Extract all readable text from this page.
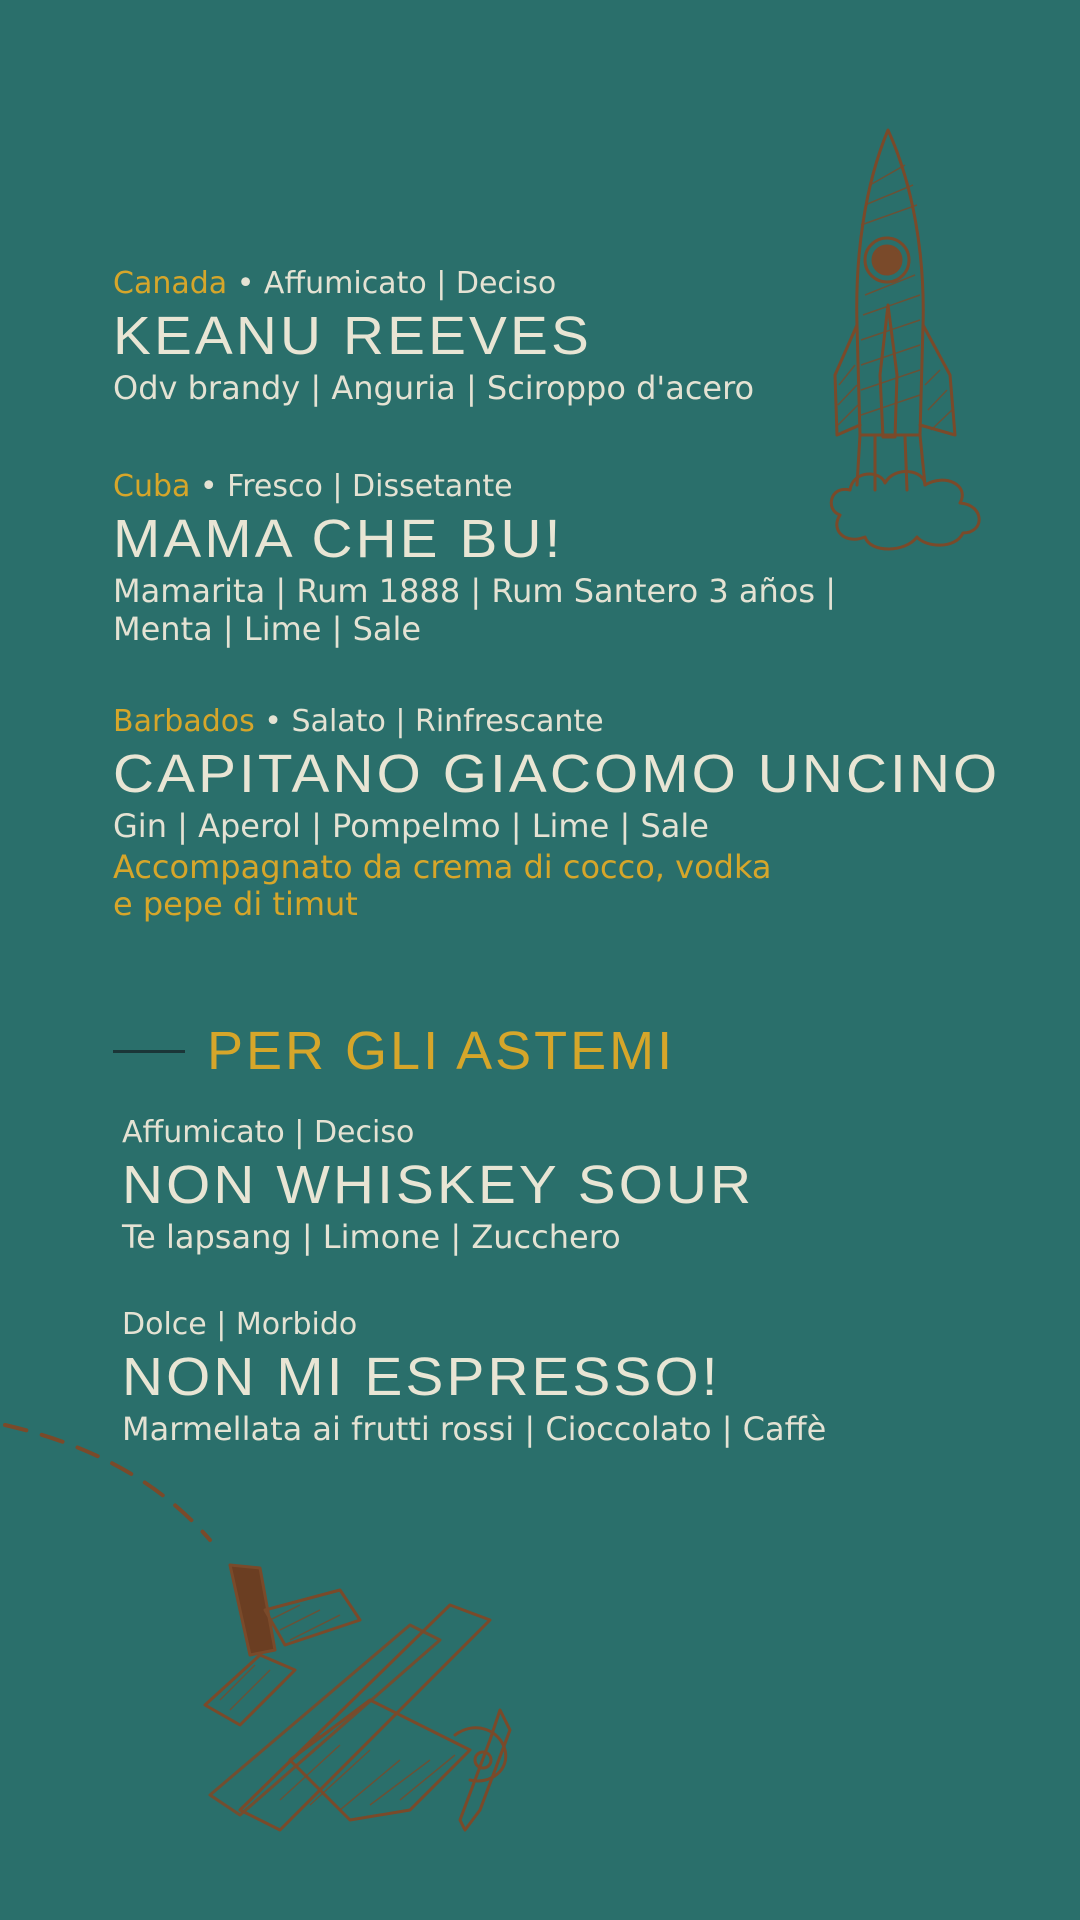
Canada • Affumicato | Deciso
KEANU REEVES
Odv brandy | Anguria | Sciroppo d'acero
Cuba • Fresco | Dissetante
MAMA CHE BU!
Mamarita | Rum 1888 | Rum Santero 3 años |
Menta | Lime | Sale
Barbados • Salato | Rinfrescante
CAPITANO GIACOMO UNCINO
Gin | Aperol | Pompelmo | Lime | Sale
Accompagnato da crema di cocco, vodka
e pepe di timut
PER GLI ASTEMI
Affumicato | Deciso
NON WHISKEY SOUR
Te lapsang | Limone | Zucchero
Dolce | Morbido
NON MI ESPRESSO!
Marmellata ai frutti rossi | Cioccolato | Caffè
